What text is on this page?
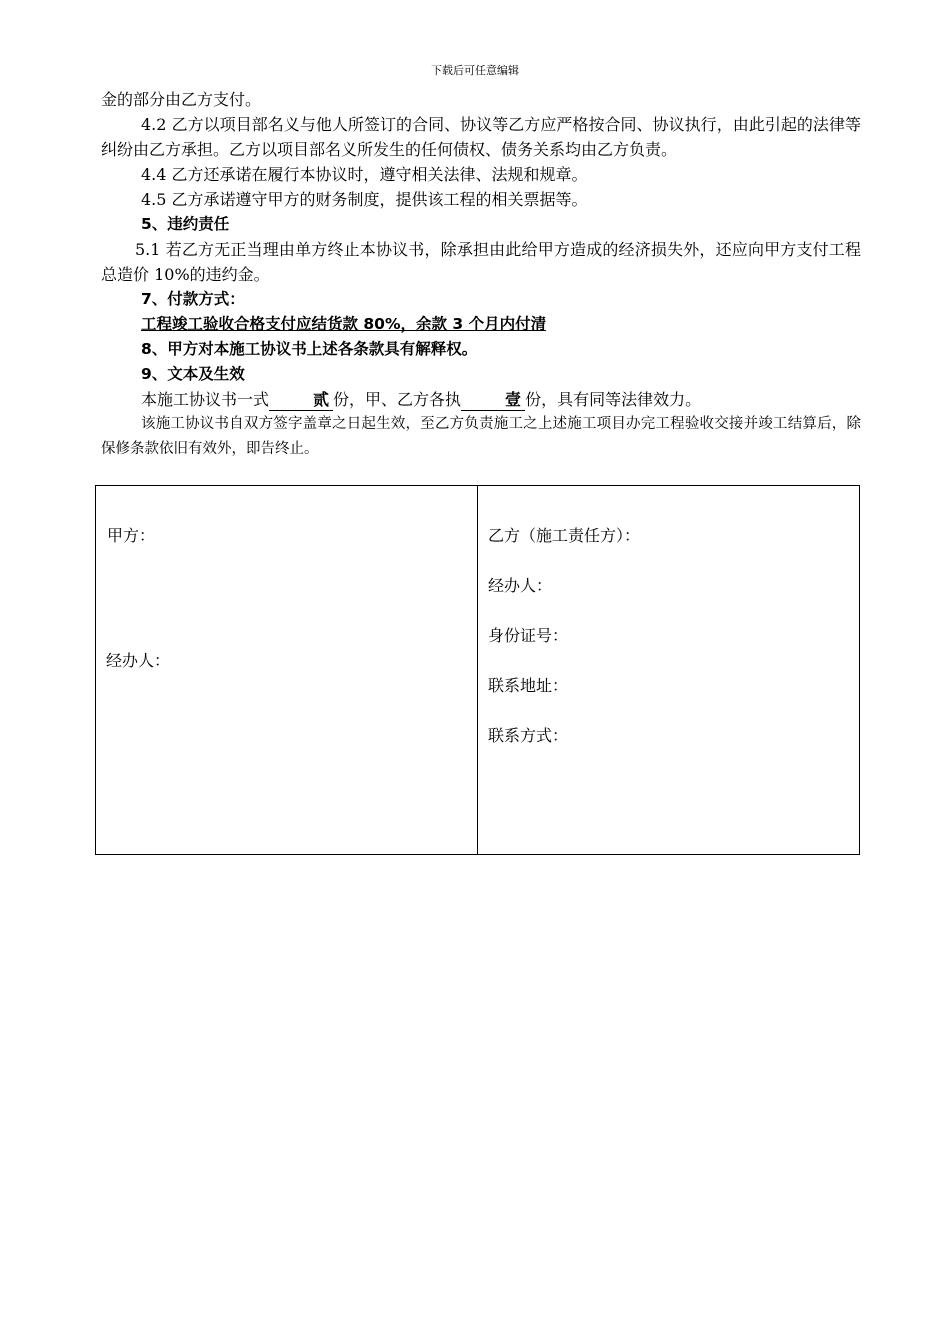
下载后可任意编辑

金的部分由乙方支付。

4.2 乙方以项目部名义与他人所签订的合同、协议等乙方应严格按合同、协议执行，由此引起的法律等纠纷由乙方承担。乙方以项目部名义所发生的任何债权、债务关系均由乙方负责。

4.4 乙方还承诺在履行本协议时，遵守相关法律、法规和规章。

4.5 乙方承诺遵守甲方的财务制度，提供该工程的相关票据等。

5、违约责任

5.1 若乙方无正当理由单方终止本协议书，除承担由此给甲方造成的经济损失外，还应向甲方支付工程总造价 10%的违约金。

7、付款方式：

工程竣工验收合格支付应结货款 80%，余款 3 个月内付清

8、甲方对本施工协议书上述各条款具有解释权。

9、文本及生效

本施工协议书一式	贰 份，甲、乙方各执	壹 份，具有同等法律效力。

该施工协议书自双方签字盖章之日起生效，至乙方负责施工之上述施工项目办完工程验收交接并竣工结算后，除保修条款依旧有效外，即告终止。

甲方：
经办人：
乙方（施工责任方）：
经办人：
身份证号：
联系地址：
联系方式：
